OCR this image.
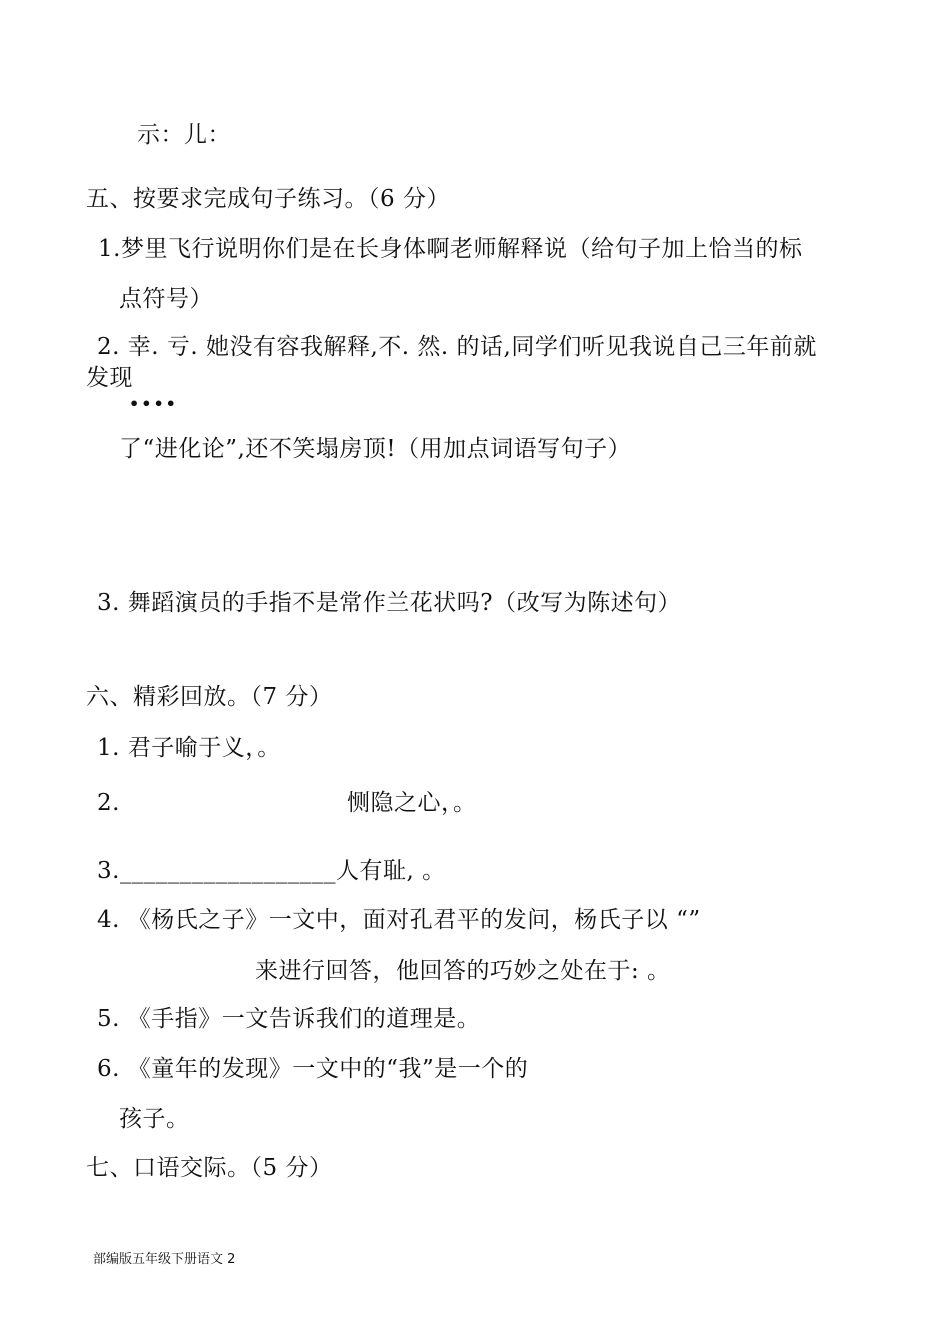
示：儿：
五、按要求完成句子练习。（6 分）
1.梦里飞行说明你们是在长身体啊老师解释说（给句子加上恰当的标
点符号）
2. 幸. 亏. 她没有容我解释,不. 然. 的话,同学们听见我说自己三年前就
发现
••••
了“进化论”,还不笑塌房顶!（用加点词语写句子）
3. 舞蹈演员的手指不是常作兰花状吗?（改写为陈述句）
六、精彩回放。（7 分）
1. 君子喻于义，。
2.	恻隐之心，。
3.__________________人有耻, 。
4. 《杨氏之子》一文中，面对孔君平的发问，杨氏子以 “”
来进行回答，他回答的巧妙之处在于: 。
5. 《手指》一文告诉我们的道理是。
6. 《童年的发现》一文中的“我”是一个的
孩子。
七、口语交际。（5 分）
部编版五年级下册语文 2
